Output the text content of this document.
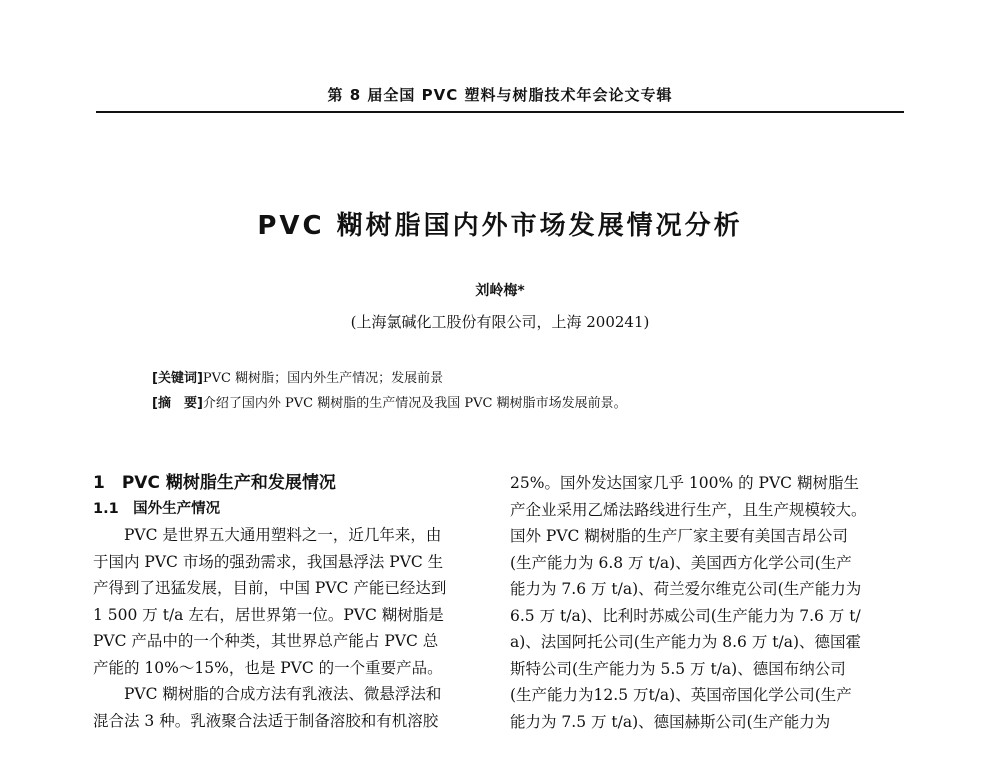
第 8 届全国 PVC 塑料与树脂技术年会论文专辑
PVC 糊树脂国内外市场发展情况分析
刘岭梅*
(上海氯碱化工股份有限公司，上海 200241)
[关键词]PVC 糊树脂；国内外生产情况；发展前景
[摘　要]介绍了国内外 PVC 糊树脂的生产情况及我国 PVC 糊树脂市场发展前景。
1　PVC 糊树脂生产和发展情况
1.1　国外生产情况
PVC 是世界五大通用塑料之一，近几年来，由
于国内 PVC 市场的强劲需求，我国悬浮法 PVC 生
产得到了迅猛发展，目前，中国 PVC 产能已经达到
1 500 万 t/a 左右，居世界第一位。PVC 糊树脂是
PVC 产品中的一个种类，其世界总产能占 PVC 总
产能的 10%～15%，也是 PVC 的一个重要产品。
PVC 糊树脂的合成方法有乳液法、微悬浮法和
混合法 3 种。乳液聚合法适于制备溶胶和有机溶胶
25%。国外发达国家几乎 100% 的 PVC 糊树脂生
产企业采用乙烯法路线进行生产，且生产规模较大。
国外 PVC 糊树脂的生产厂家主要有美国吉昂公司
(生产能力为 6.8 万 t/a)、美国西方化学公司(生产
能力为 7.6 万 t/a)、荷兰爱尔维克公司(生产能力为
6.5 万 t/a)、比利时苏威公司(生产能力为 7.6 万 t/
a)、法国阿托公司(生产能力为 8.6 万 t/a)、德国霍
斯特公司(生产能力为 5.5 万 t/a)、德国布纳公司
(生产能力为12.5 万t/a)、英国帝国化学公司(生产
能力为 7.5 万 t/a)、德国赫斯公司(生产能力为
